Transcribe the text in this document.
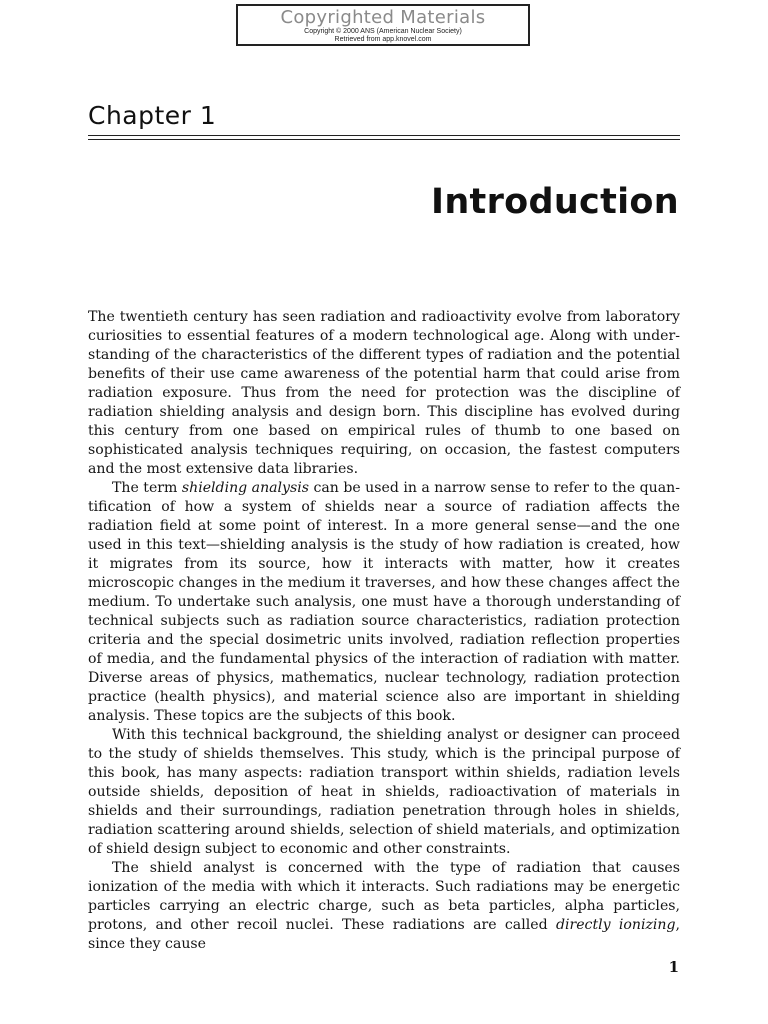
Copyrighted Materials
Copyright © 2000 ANS (American Nuclear Society)
Retrieved from app.knovel.com
Chapter 1
Introduction

The twentieth century has seen radiation and radioactivity evolve from laboratory curiosities to essential features of a modern technological age. Along with understanding of the characteristics of the different types of radiation and the potential benefits of their use came awareness of the potential harm that could arise from radiation exposure. Thus from the need for protection was the discipline of radiation shielding analysis and design born. This discipline has evolved during this century from one based on empirical rules of thumb to one based on sophisticated analysis techniques requiring, on occasion, the fastest computers and the most extensive data libraries.

The term shielding analysis can be used in a narrow sense to refer to the quantification of how a system of shields near a source of radiation affects the radiation field at some point of interest. In a more general sense—and the one used in this text—shielding analysis is the study of how radiation is created, how it migrates from its source, how it interacts with matter, how it creates microscopic changes in the medium it traverses, and how these changes affect the medium. To undertake such analysis, one must have a thorough understanding of technical subjects such as radiation source characteristics, radiation protection criteria and the special dosimetric units involved, radiation reflection properties of media, and the fundamental physics of the interaction of radiation with matter. Diverse areas of physics, mathematics, nuclear technology, radiation protection practice (health physics), and material science also are important in shielding analysis. These topics are the subjects of this book.

With this technical background, the shielding analyst or designer can proceed to the study of shields themselves. This study, which is the principal purpose of this book, has many aspects: radiation transport within shields, radiation levels outside shields, deposition of heat in shields, radioactivation of materials in shields and their surroundings, radiation penetration through holes in shields, radiation scattering around shields, selection of shield materials, and optimization of shield design subject to economic and other constraints.

The shield analyst is concerned with the type of radiation that causes ionization of the media with which it interacts. Such radiations may be energetic particles carrying an electric charge, such as beta particles, alpha particles, protons, and other recoil nuclei. These radiations are called directly ionizing, since they cause

1
